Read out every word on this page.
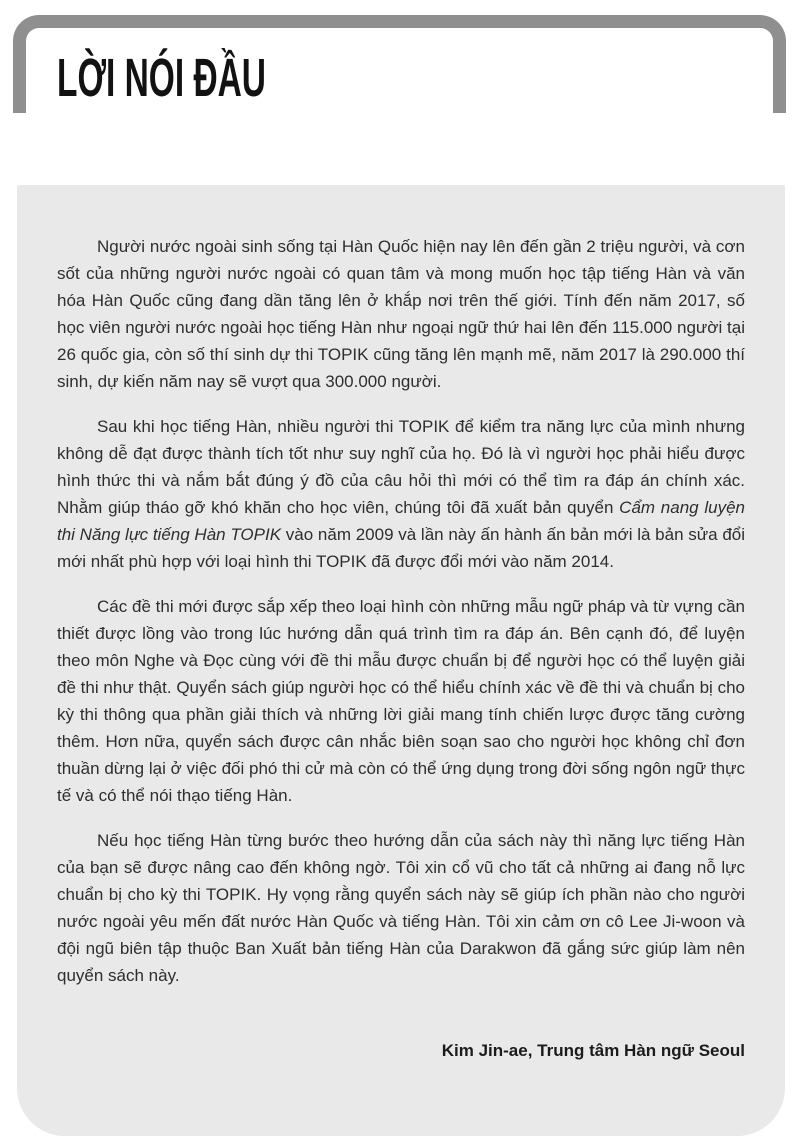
LỜI NÓI ĐẦU

Người nước ngoài sinh sống tại Hàn Quốc hiện nay lên đến gần 2 triệu người, và cơn sốt của những người nước ngoài có quan tâm và mong muốn học tập tiếng Hàn và văn hóa Hàn Quốc cũng đang dần tăng lên ở khắp nơi trên thế giới. Tính đến năm 2017, số học viên người nước ngoài học tiếng Hàn như ngoại ngữ thứ hai lên đến 115.000 người tại 26 quốc gia, còn số thí sinh dự thi TOPIK cũng tăng lên mạnh mẽ, năm 2017 là 290.000 thí sinh, dự kiến năm nay sẽ vượt qua 300.000 người.

Sau khi học tiếng Hàn, nhiều người thi TOPIK để kiểm tra năng lực của mình nhưng không dễ đạt được thành tích tốt như suy nghĩ của họ. Đó là vì người học phải hiểu được hình thức thi và nắm bắt đúng ý đồ của câu hỏi thì mới có thể tìm ra đáp án chính xác. Nhằm giúp tháo gỡ khó khăn cho học viên, chúng tôi đã xuất bản quyển Cẩm nang luyện thi Năng lực tiếng Hàn TOPIK vào năm 2009 và lần này ấn hành ấn bản mới là bản sửa đổi mới nhất phù hợp với loại hình thi TOPIK đã được đổi mới vào năm 2014.

Các đề thi mới được sắp xếp theo loại hình còn những mẫu ngữ pháp và từ vựng cần thiết được lồng vào trong lúc hướng dẫn quá trình tìm ra đáp án. Bên cạnh đó, để luyện theo môn Nghe và Đọc cùng với đề thi mẫu được chuẩn bị để người học có thể luyện giải đề thi như thật. Quyển sách giúp người học có thể hiểu chính xác về đề thi và chuẩn bị cho kỳ thi thông qua phần giải thích và những lời giải mang tính chiến lược được tăng cường thêm. Hơn nữa, quyển sách được cân nhắc biên soạn sao cho người học không chỉ đơn thuần dừng lại ở việc đối phó thi cử mà còn có thể ứng dụng trong đời sống ngôn ngữ thực tế và có thể nói thạo tiếng Hàn.

Nếu học tiếng Hàn từng bước theo hướng dẫn của sách này thì năng lực tiếng Hàn của bạn sẽ được nâng cao đến không ngờ. Tôi xin cổ vũ cho tất cả những ai đang nỗ lực chuẩn bị cho kỳ thi TOPIK. Hy vọng rằng quyển sách này sẽ giúp ích phần nào cho người nước ngoài yêu mến đất nước Hàn Quốc và tiếng Hàn. Tôi xin cảm ơn cô Lee Ji-woon và đội ngũ biên tập thuộc Ban Xuất bản tiếng Hàn của Darakwon đã gắng sức giúp làm nên quyển sách này.

Kim Jin-ae, Trung tâm Hàn ngữ Seoul
